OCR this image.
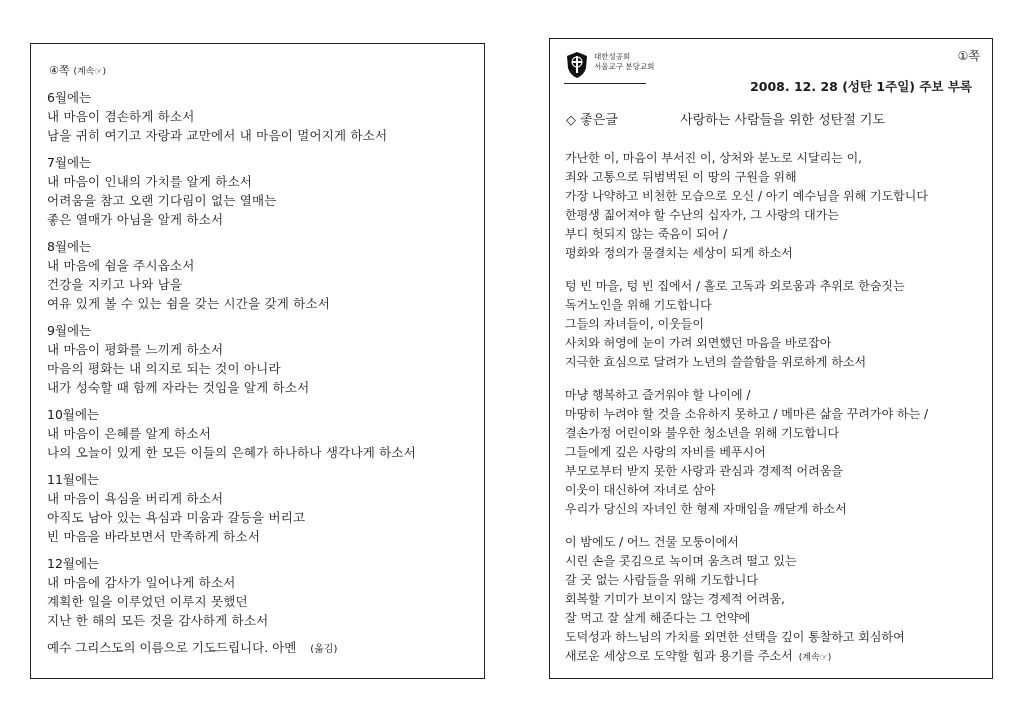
④쪽 (계속☞)
6월에는
내 마음이 겸손하게 하소서
남을 귀히 여기고 자랑과 교만에서 내 마음이 멀어지게 하소서
7월에는
내 마음이 인내의 가치를 알게 하소서
어려움을 참고 오랜 기다림이 없는 열매는
좋은 열매가 아님을 알게 하소서
8월에는
내 마음에 쉼을 주시옵소서
건강을 지키고 나와 남을
여유 있게 볼 수 있는 쉼을 갖는 시간을 갖게 하소서
9월에는
내 마음이 평화를 느끼게 하소서
마음의 평화는 내 의지로 되는 것이 아니라
내가 성숙할 때 함께 자라는 것임을 알게 하소서
10월에는
내 마음이 은혜를 알게 하소서
나의 오늘이 있게 한 모든 이들의 은혜가 하나하나 생각나게 하소서
11월에는
내 마음이 욕심을 버리게 하소서
아직도 남아 있는 욕심과 미움과 갈등을 버리고
빈 마음을 바라보면서 만족하게 하소서
12월에는
내 마음에 감사가 일어나게 하소서
계획한 일을 이루었던 이루지 못했던
지난 한 해의 모든 것을 감사하게 하소서
예수 그리스도의 이름으로 기도드립니다. 아멘 (옮김)
대한성공회
서울교구 분당교회
①쪽
2008. 12. 28 (성탄 1주일) 주보 부록
◇ 좋은글	사랑하는 사람들을 위한 성탄절 기도
가난한 이, 마음이 부서진 이, 상처와 분노로 시달리는 이,
죄와 고통으로 뒤범벅된 이 땅의 구원을 위해
가장 나약하고 비천한 모습으로 오신 / 아기 예수님을 위해 기도합니다
한평생 짊어져야 할 수난의 십자가, 그 사랑의 대가는
부디 헛되지 않는 죽음이 되어 /
평화와 정의가 물결치는 세상이 되게 하소서
텅 빈 마을, 텅 빈 집에서 / 홀로 고독과 외로움과 추위로 한숨짓는
독거노인을 위해 기도합니다
그들의 자녀들이, 이웃들이
사치와 허영에 눈이 가려 외면했던 마음을 바로잡아
지극한 효심으로 달려가 노년의 쓸쓸함을 위로하게 하소서
마냥 행복하고 즐거워야 할 나이에 /
마땅히 누려야 할 것을 소유하지 못하고 / 메마른 삶을 꾸려가야 하는 /
결손가정 어린이와 불우한 청소년을 위해 기도합니다
그들에게 깊은 사랑의 자비를 베푸시어
부모로부터 받지 못한 사랑과 관심과 경제적 어려움을
이웃이 대신하여 자녀로 삼아
우리가 당신의 자녀인 한 형제 자매임을 깨닫게 하소서
이 밤에도 / 어느 건물 모퉁이에서
시린 손을 콧김으로 녹이며 움츠려 떨고 있는
갈 곳 없는 사람들을 위해 기도합니다
회복할 기미가 보이지 않는 경제적 어려움,
잘 먹고 잘 살게 해준다는 그 언약에
도덕성과 하느님의 가치를 외면한 선택을 깊이 통찰하고 회심하여
새로운 세상으로 도약할 힘과 용기를 주소서 (계속☞)
